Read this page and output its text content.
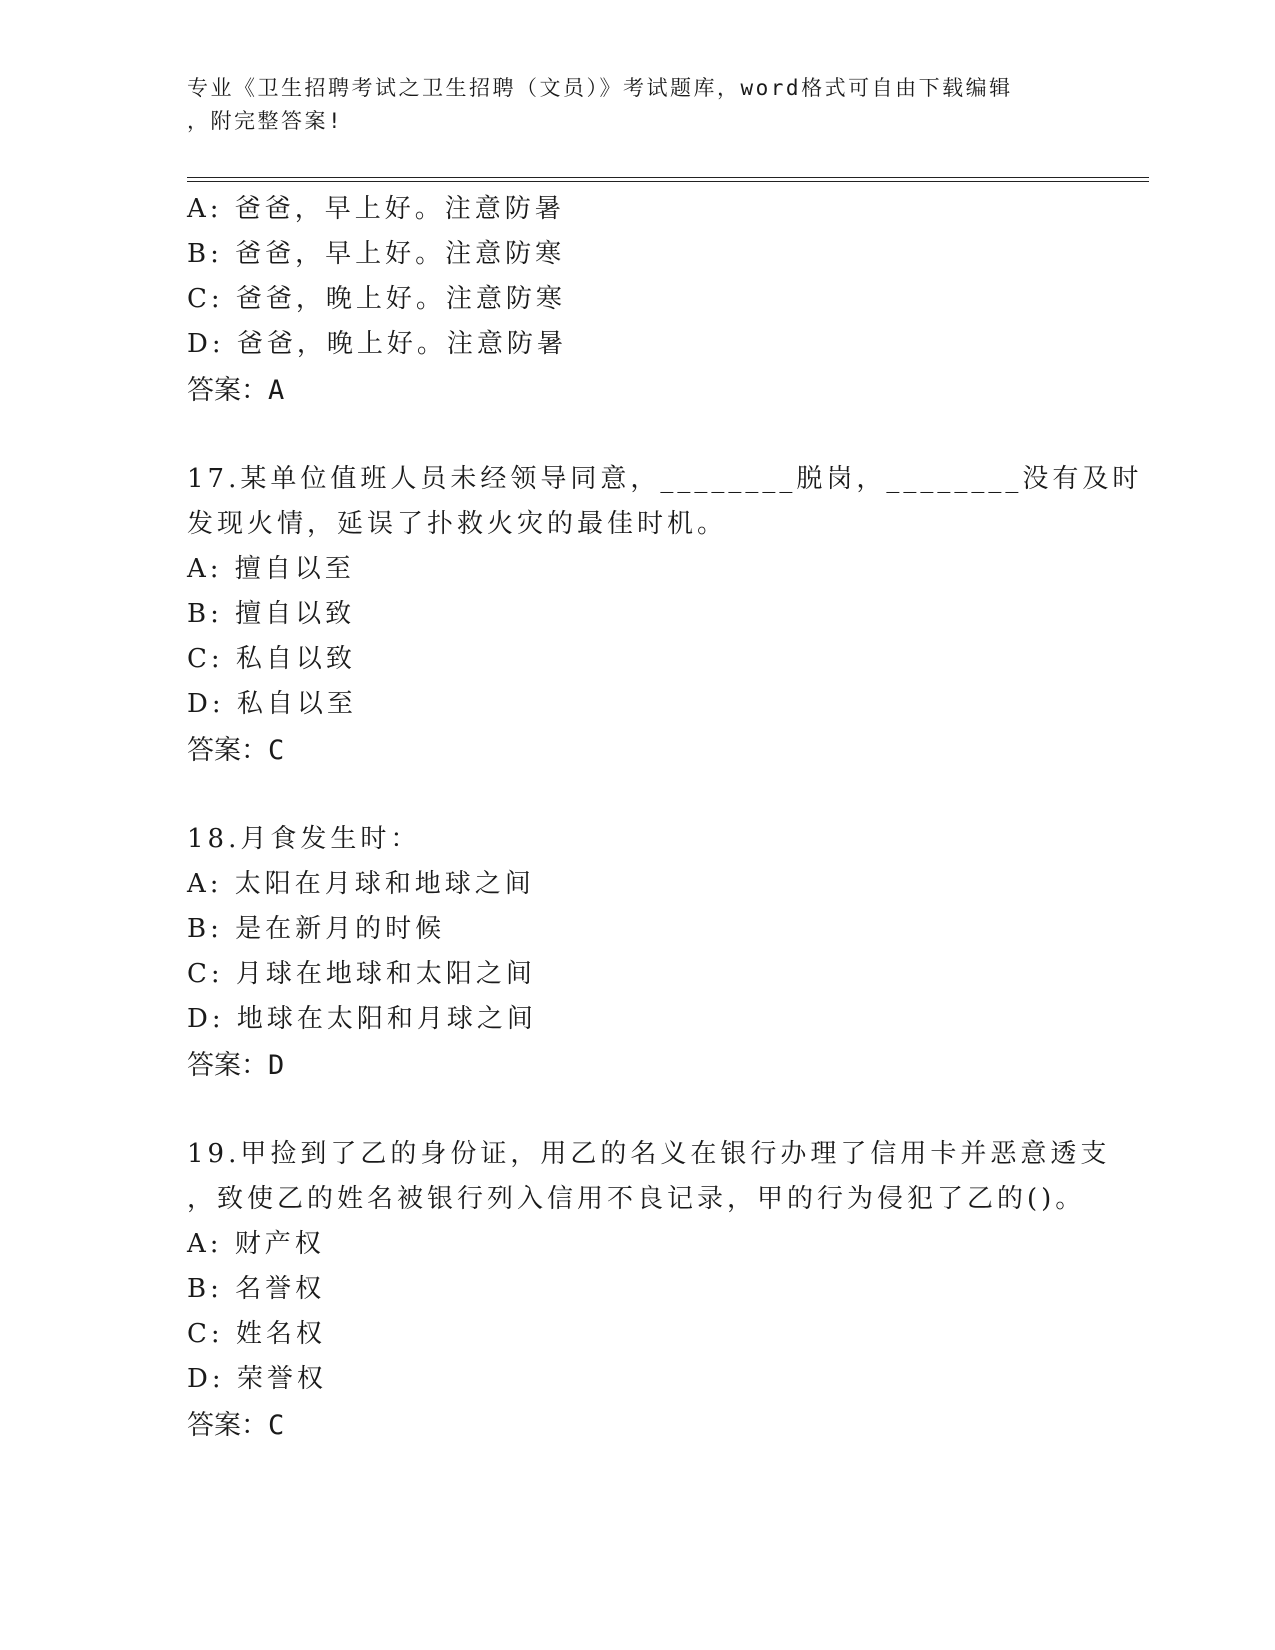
专业《卫生招聘考试之卫生招聘（文员）》考试题库，word格式可自由下载编辑
，附完整答案!
A: 爸爸，早上好。注意防暑
B: 爸爸，早上好。注意防寒
C: 爸爸，晚上好。注意防寒
D: 爸爸，晚上好。注意防暑
答案：A
17.某单位值班人员未经领导同意，________脱岗，________没有及时
发现火情，延误了扑救火灾的最佳时机。
A: 擅自以至
B: 擅自以致
C: 私自以致
D: 私自以至
答案：C
18.月食发生时：
A: 太阳在月球和地球之间
B: 是在新月的时候
C: 月球在地球和太阳之间
D: 地球在太阳和月球之间
答案：D
19.甲捡到了乙的身份证，用乙的名义在银行办理了信用卡并恶意透支
，致使乙的姓名被银行列入信用不良记录，甲的行为侵犯了乙的()。
A: 财产权
B: 名誉权
C: 姓名权
D: 荣誉权
答案：C
